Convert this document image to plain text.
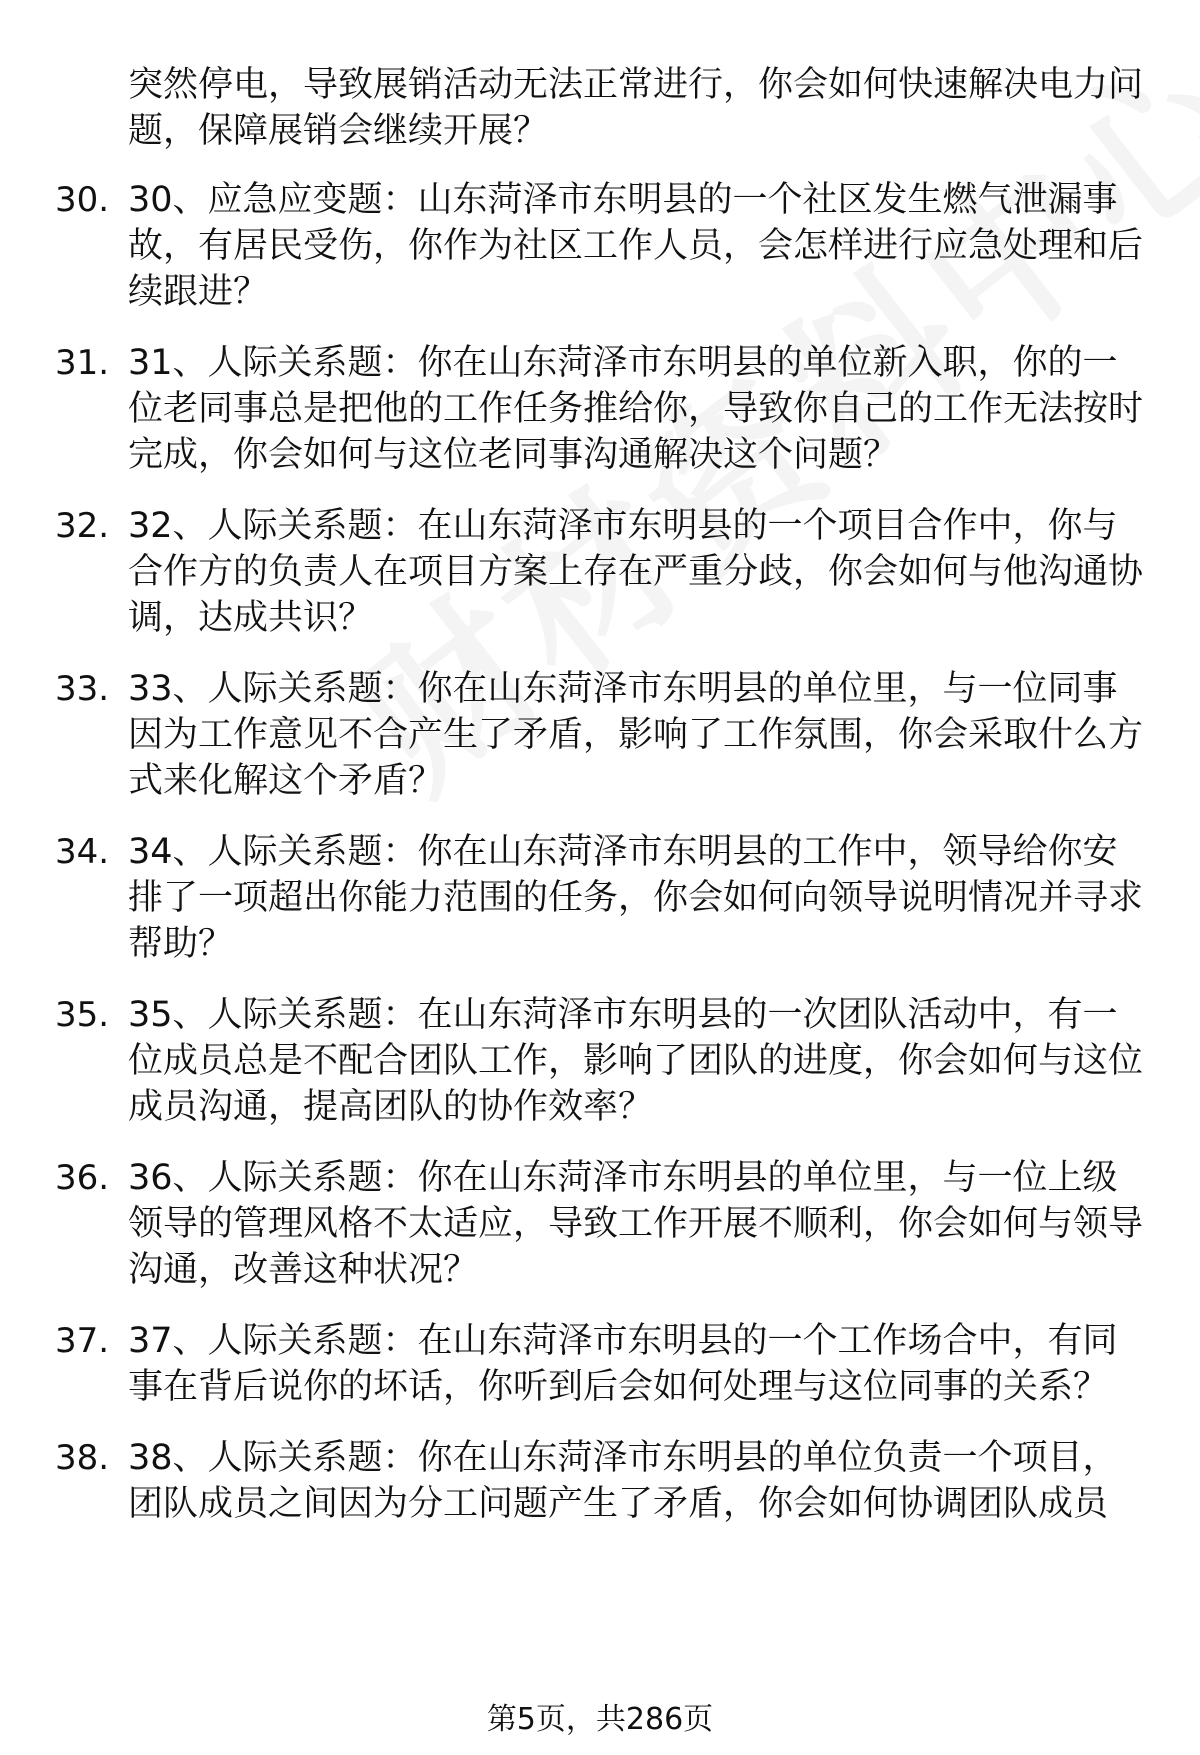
突然停电，导致展销活动无法正常进行，你会如何快速解决电力问题，保障展销会继续开展？
30. 30、应急应变题：山东菏泽市东明县的一个社区发生燃气泄漏事故，有居民受伤，你作为社区工作人员，会怎样进行应急处理和后续跟进？
31. 31、人际关系题：你在山东菏泽市东明县的单位新入职，你的一位老同事总是把他的工作任务推给你，导致你自己的工作无法按时完成，你会如何与这位老同事沟通解决这个问题？
32. 32、人际关系题：在山东菏泽市东明县的一个项目合作中，你与合作方的负责人在项目方案上存在严重分歧，你会如何与他沟通协调，达成共识？
33. 33、人际关系题：你在山东菏泽市东明县的单位里，与一位同事因为工作意见不合产生了矛盾，影响了工作氛围，你会采取什么方式来化解这个矛盾？
34. 34、人际关系题：你在山东菏泽市东明县的工作中，领导给你安排了一项超出你能力范围的任务，你会如何向领导说明情况并寻求帮助？
35. 35、人际关系题：在山东菏泽市东明县的一次团队活动中，有一位成员总是不配合团队工作，影响了团队的进度，你会如何与这位成员沟通，提高团队的协作效率？
36. 36、人际关系题：你在山东菏泽市东明县的单位里，与一位上级领导的管理风格不太适应，导致工作开展不顺利，你会如何与领导沟通，改善这种状况？
37. 37、人际关系题：在山东菏泽市东明县的一个工作场合中，有同事在背后说你的坏话，你听到后会如何处理与这位同事的关系？
38. 38、人际关系题：你在山东菏泽市东明县的单位负责一个项目，团队成员之间因为分工问题产生了矛盾，你会如何协调团队成员
第5页，共286页
